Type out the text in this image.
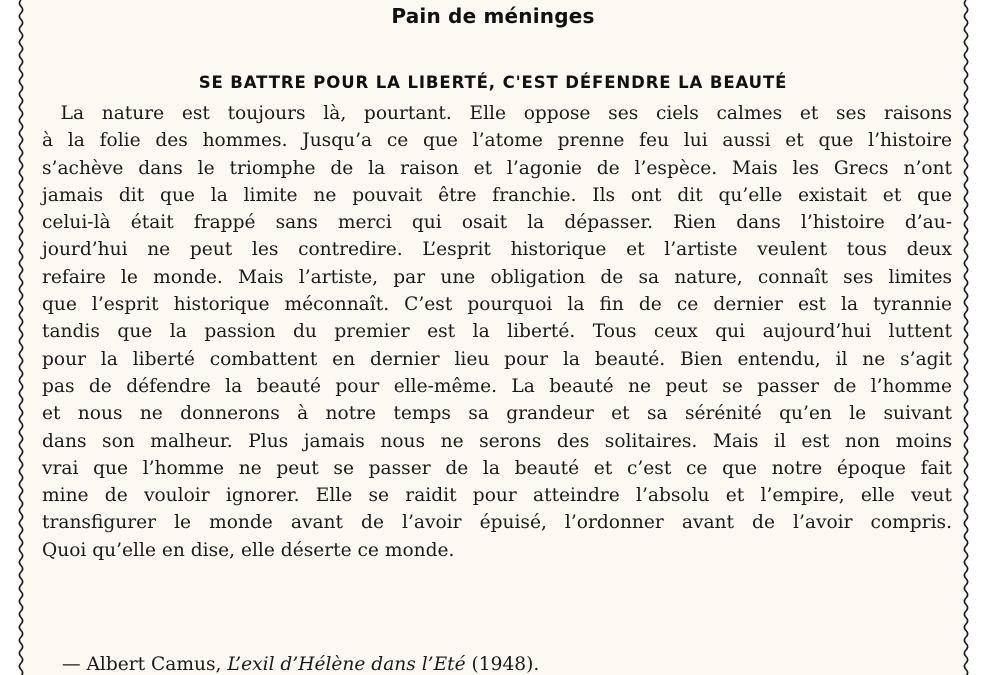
Pain de méninges
SE BATTRE POUR LA LIBERTÉ, C'EST DÉFENDRE LA BEAUTÉ
 La nature est toujours là, pourtant. Elle oppose ses ciels calmes et ses raisons
à la folie des hommes. Jusqu’a ce que l’atome prenne feu lui aussi et que l’histoire
s’achève dans le triomphe de la raison et l’agonie de l’espèce. Mais les Grecs n’ont
jamais dit que la limite ne pouvait être franchie. Ils ont dit qu’elle existait et que
celui-là était frappé sans merci qui osait la dépasser. Rien dans l’histoire d’au-
jourd’hui ne peut les contredire. L’esprit historique et l’artiste veulent tous deux
refaire le monde. Mais l’artiste, par une obligation de sa nature, connaît ses limites
que l’esprit historique méconnaît. C’est pourquoi la fin de ce dernier est la tyrannie
tandis que la passion du premier est la liberté. Tous ceux qui aujourd’hui luttent
pour la liberté combattent en dernier lieu pour la beauté. Bien entendu, il ne s’agit
pas de défendre la beauté pour elle-même. La beauté ne peut se passer de l’homme
et nous ne donnerons à notre temps sa grandeur et sa sérénité qu’en le suivant
dans son malheur. Plus jamais nous ne serons des solitaires. Mais il est non moins
vrai que l’homme ne peut se passer de la beauté et c’est ce que notre époque fait
mine de vouloir ignorer. Elle se raidit pour atteindre l’absolu et l’empire, elle veut
transfigurer le monde avant de l’avoir épuisé, l’ordonner avant de l’avoir compris.
Quoi qu’elle en dise, elle déserte ce monde.
— Albert Camus, L’exil d’Hélène dans l’Eté (1948).
